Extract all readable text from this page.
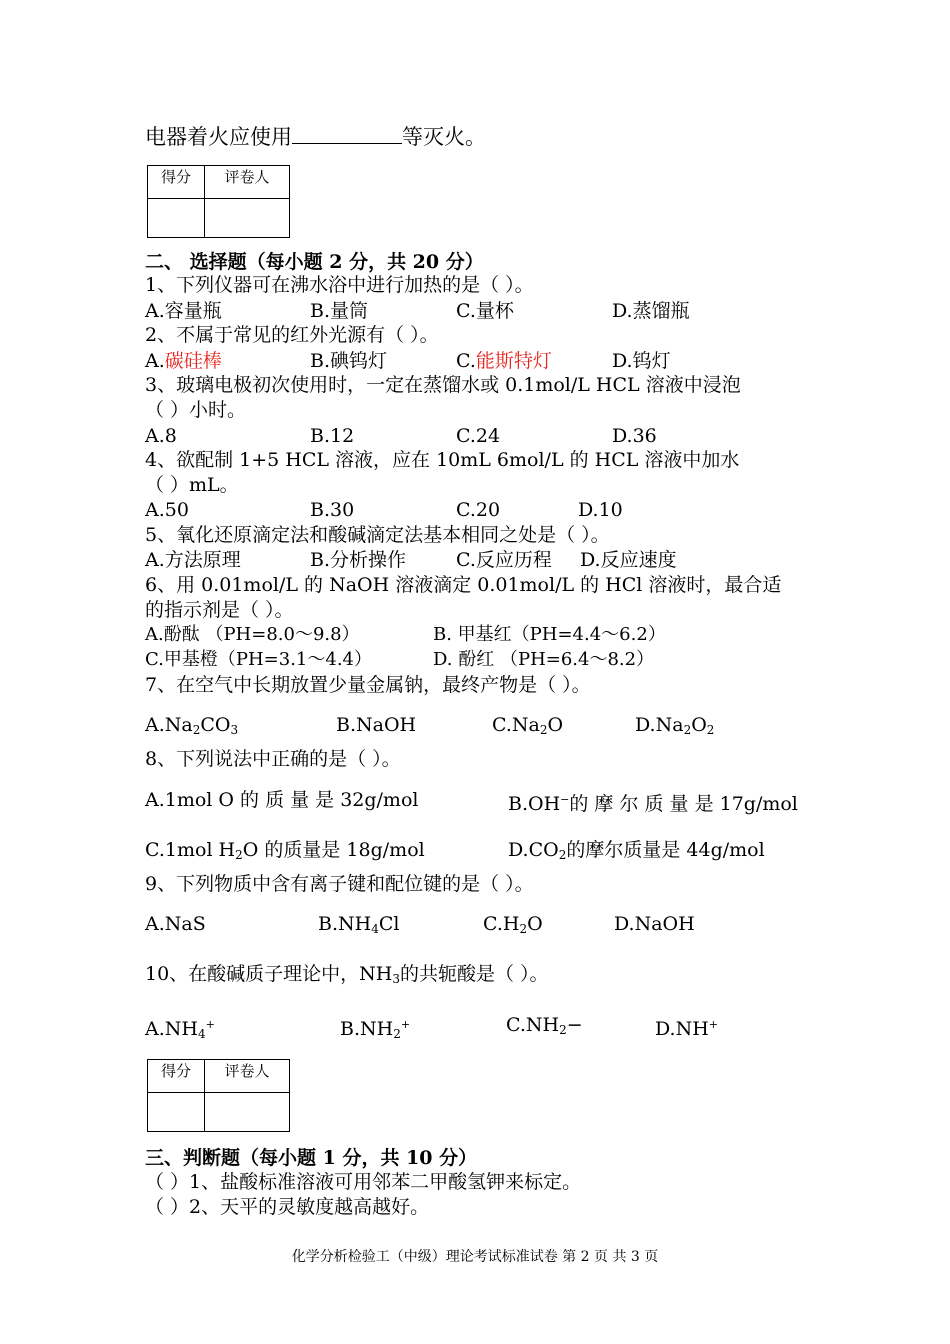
电器着火应使用	等灭火。
得分	评卷人

二、 选择题（每小题 2 分，共 20 分）
1、下列仪器可在沸水浴中进行加热的是（ ）。
A.容量瓶	B.量筒	C.量杯	D.蒸馏瓶
2、不属于常见的红外光源有（ ）。
A.碳硅棒	B.碘钨灯	C.能斯特灯	D.钨灯
3、玻璃电极初次使用时，一定在蒸馏水或 0.1mol/L HCL 溶液中浸泡
（ ）小时。
A.8	B.12	C.24	D.36
4、欲配制 1+5 HCL 溶液，应在 10mL 6mol/L 的 HCL 溶液中加水
（ ）mL。
A.50	B.30	C.20	D.10
5、氧化还原滴定法和酸碱滴定法基本相同之处是（ ）。
A.方法原理	B.分析操作	C.反应历程 D.反应速度
6、用 0.01mol/L 的 NaOH 溶液滴定 0.01mol/L 的 HCl 溶液时，最合适
的指示剂是（ ）。
A.酚酞 （PH=8.0～9.8）	B. 甲基红（PH=4.4～6.2）
C.甲基橙（PH=3.1～4.4）	D. 酚红 （PH=6.4～8.2）
7、在空气中长期放置少量金属钠，最终产物是（ ）。
$A.Na_2CO_3$	B.NaOH	$C.Na_2O$	$D.Na_2O_2$
8、下列说法中正确的是（ ）。
A.1mol O 的 质 量 是 32g/mol	B.OH−的 摩 尔 质 量 是 17g/mol
C.1mol $H_2O$ 的质量是 18g/mol	$D.CO_2$的摩尔质量是 44g/mol
9、下列物质中含有离子键和配位键的是（ ）。
A.NaS	$B.NH_4Cl$	$C.H_2O$	D.NaOH
10、在酸碱质子理论中，$NH_3$的共轭酸是（ ）。
$A.NH_4^+$	$B.NH_2^+$	$C.NH_2-$	D.NH+
得分	评卷人

三、判断题（每小题 1 分，共 10 分）
（ ）1、盐酸标准溶液可用邻苯二甲酸氢钾来标定。
（ ）2、天平的灵敏度越高越好。
化学分析检验工（中级）理论考试标准试卷 第 2 页 共 3 页
